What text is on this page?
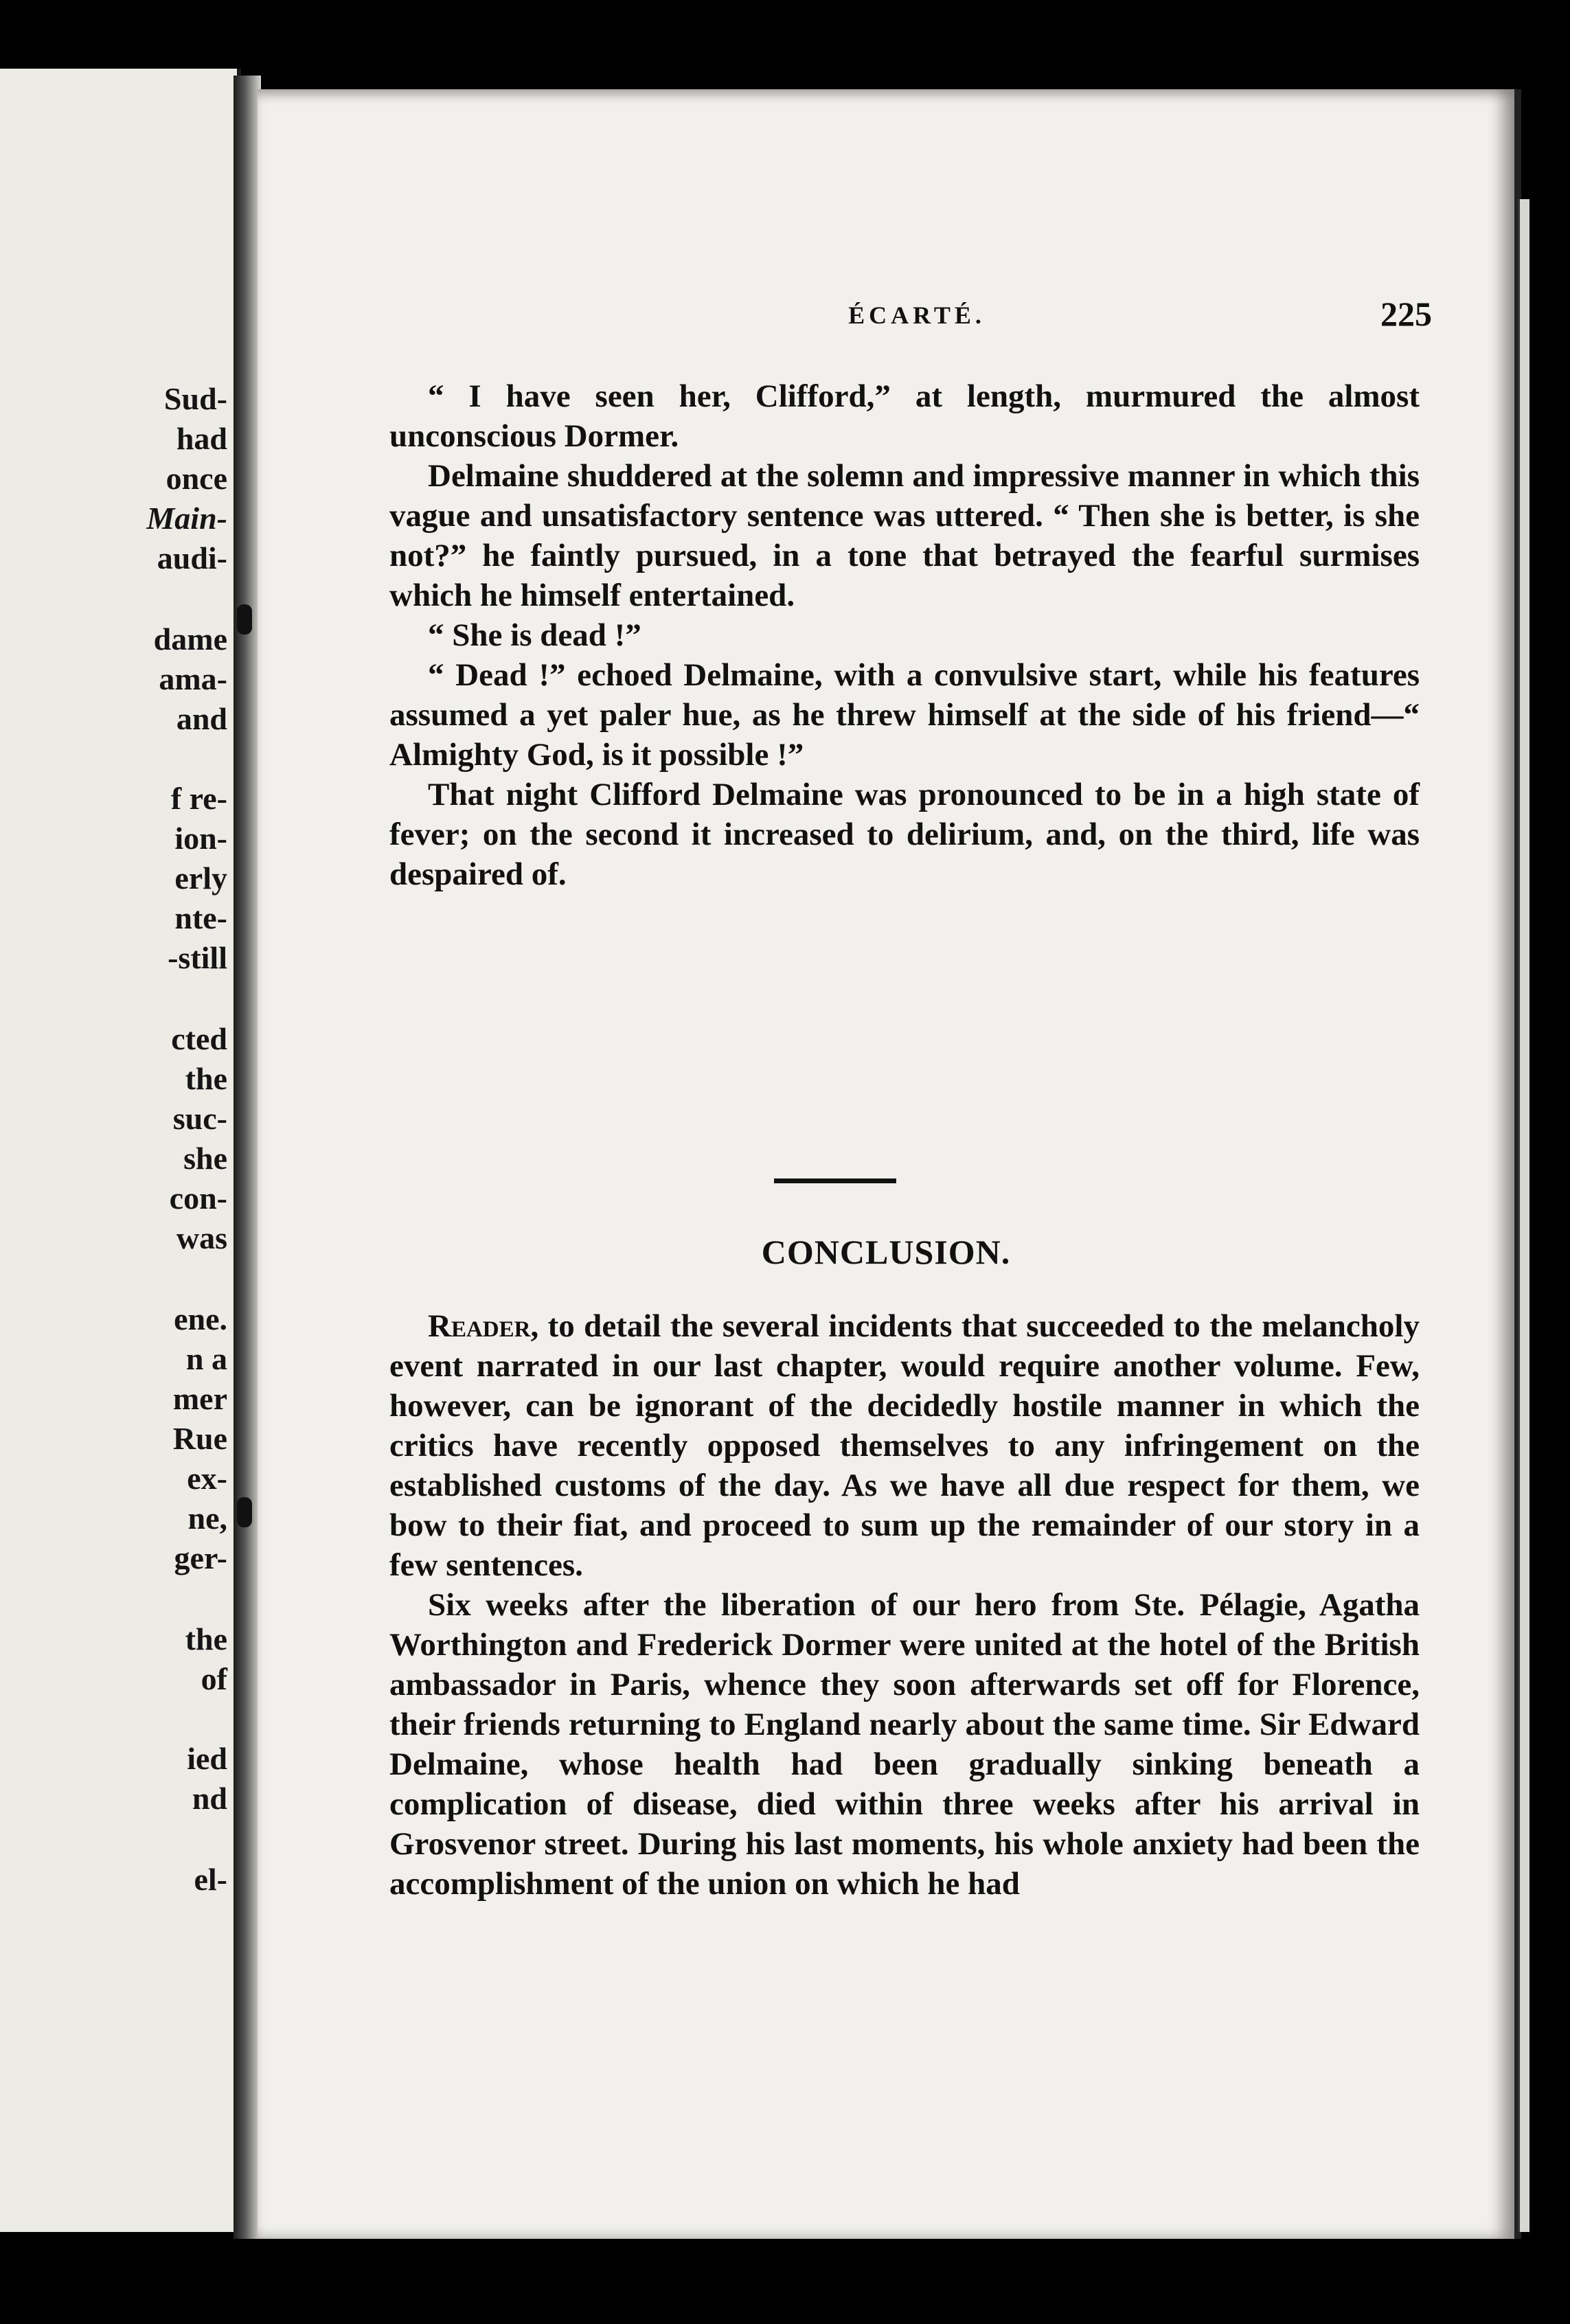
Sud-
had
once
Main-
audi-
dame
ama-
and
f re-
ion-
erly
nte-
-still
cted
the
suc-
she
con-
was
ene.
n a
mer
Rue
ex-
ne,
ger-
the
of
ied
nd
el-
ÉCARTÉ.	225

“ I have seen her, Clifford,” at length, murmured the almost unconscious Dormer.

Delmaine shuddered at the solemn and impressive manner in which this vague and unsatisfactory sentence was uttered. “ Then she is better, is she not?” he faintly pursued, in a tone that betrayed the fearful surmises which he himself entertained.

“ She is dead !”

“ Dead !” echoed Delmaine, with a convulsive start, while his features assumed a yet paler hue, as he threw himself at the side of his friend—“ Almighty God, is it possible !”

That night Clifford Delmaine was pronounced to be in a high state of fever; on the second it increased to delirium, and, on the third, life was despaired of.

CONCLUSION.

Reader, to detail the several incidents that succeeded to the melancholy event narrated in our last chapter, would require another volume. Few, however, can be ignorant of the decidedly hostile manner in which the critics have recently opposed themselves to any infringement on the established customs of the day. As we have all due respect for them, we bow to their fiat, and proceed to sum up the remainder of our story in a few sentences.

Six weeks after the liberation of our hero from Ste. Pélagie, Agatha Worthington and Frederick Dormer were united at the hotel of the British ambassador in Paris, whence they soon afterwards set off for Florence, their friends returning to England nearly about the same time. Sir Edward Delmaine, whose health had been gradually sinking beneath a complication of disease, died within three weeks after his arrival in Grosvenor street. During his last moments, his whole anxiety had been the accomplishment of the union on which he had
